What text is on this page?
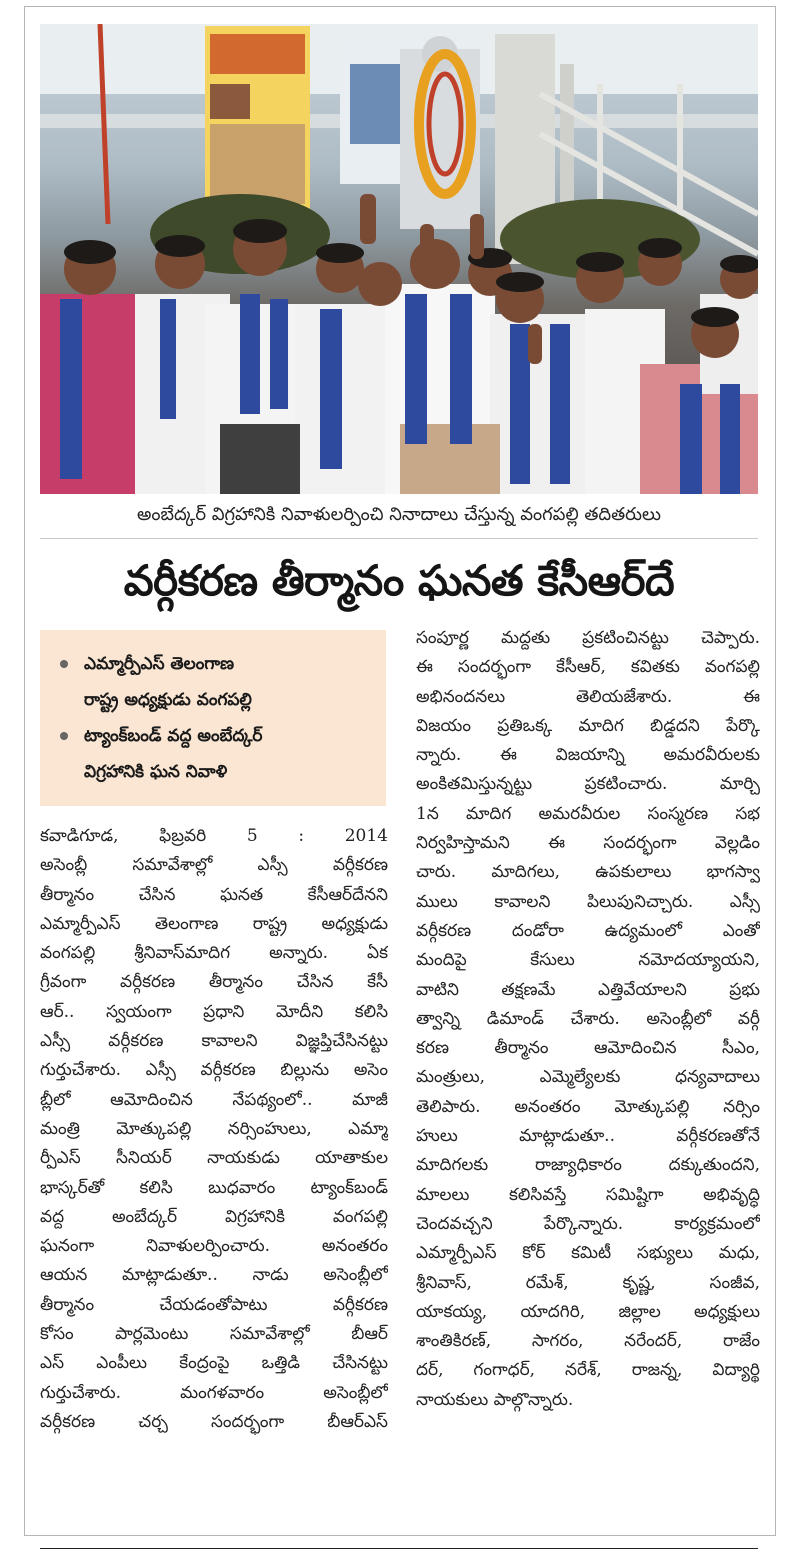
అంబేద్కర్ విగ్రహానికి నివాళులర్పించి నినాదాలు చేస్తున్న వంగపల్లి తదితరులు
వర్గీకరణ తీర్మానం ఘనత కేసీఆర్‌దే
ఎమ్మార్పీఎస్ తెలంగాణ
రాష్ట్ర అధ్యక్షుడు వంగపల్లి
ట్యాంక్‌బండ్ వద్ద అంబేద్కర్
విగ్రహానికి ఘన నివాళి
కవాడిగూడ, ఫిబ్రవరి 5 : 2014
అసెంబ్లీ సమావేశాల్లో ఎస్సీ వర్గీకరణ
తీర్మానం చేసిన ఘనత కేసీఆర్‌దేనని
ఎమ్మార్పీఎస్ తెలంగాణ రాష్ట్ర అధ్యక్షుడు
వంగపల్లి శ్రీనివాస్‌మాదిగ అన్నారు. ఏక
గ్రీవంగా వర్గీకరణ తీర్మానం చేసిన కేసీ
ఆర్.. స్వయంగా ప్రధాని మోదీని కలిసి
ఎస్సీ వర్గీకరణ కావాలని విజ్ఞప్తిచేసినట్టు
గుర్తుచేశారు. ఎస్సీ వర్గీకరణ బిల్లును అసెం
బ్లీలో ఆమోదించిన నేపథ్యంలో.. మాజీ
మంత్రి మోత్కుపల్లి నర్సింహులు, ఎమ్మా
ర్పీఎస్ సీనియర్ నాయకుడు యాతాకుల
భాస్కర్‌తో కలిసి బుధవారం ట్యాంక్‌బండ్
వద్ద అంబేద్కర్ విగ్రహానికి వంగపల్లి
ఘనంగా నివాళులర్పించారు. అనంతరం
ఆయన మాట్లాడుతూ.. నాడు అసెంబ్లీలో
తీర్మానం చేయడంతోపాటు వర్గీకరణ
కోసం పార్లమెంటు సమావేశాల్లో బీఆర్
ఎస్ ఎంపీలు కేంద్రంపై ఒత్తిడి చేసినట్టు
గుర్తుచేశారు. మంగళవారం అసెంబ్లీలో
వర్గీకరణ చర్చ సందర్భంగా బీఆర్ఎస్
సంపూర్ణ మద్దతు ప్రకటించినట్టు చెప్పారు.
ఈ సందర్భంగా కేసీఆర్, కవితకు వంగపల్లి
అభినందనలు తెలియజేశారు. ఈ
విజయం ప్రతిఒక్క మాదిగ బిడ్డదని పేర్కొ
న్నారు. ఈ విజయాన్ని అమరవీరులకు
అంకితమిస్తున్నట్టు ప్రకటించారు. మార్చి
1న మాదిగ అమరవీరుల సంస్మరణ సభ
నిర్వహిస్తామని ఈ సందర్భంగా వెల్లడిం
చారు. మాదిగలు, ఉపకులాలు భాగస్వా
ములు కావాలని పిలుపునిచ్చారు. ఎస్సీ
వర్గీకరణ దండోరా ఉద్యమంలో ఎంతో
మందిపై కేసులు నమోదయ్యాయని,
వాటిని తక్షణమే ఎత్తివేయాలని ప్రభు
త్వాన్ని డిమాండ్ చేశారు. అసెంబ్లీలో వర్గీ
కరణ తీర్మానం ఆమోదించిన సీఎం,
మంత్రులు, ఎమ్మెల్యేలకు ధన్యవాదాలు
తెలిపారు. అనంతరం మోత్కుపల్లి నర్సిం
హులు మాట్లాడుతూ.. వర్గీకరణతోనే
మాదిగలకు రాజ్యాధికారం దక్కుతుందని,
మాలలు కలిసివస్తే సమిష్టిగా అభివృద్ధి
చెందవచ్చని పేర్కొన్నారు. కార్యక్రమంలో
ఎమ్మార్పీఎస్ కోర్ కమిటీ సభ్యులు మధు,
శ్రీనివాస్, రమేశ్, కృష్ణ, సంజీవ,
యాకయ్య, యాదగిరి, జిల్లాల అధ్యక్షులు
శాంతికిరణ్, సాగరం, నరేందర్, రాజేం
దర్, గంగాధర్, నరేశ్, రాజన్న, విద్యార్థి
నాయకులు పాల్గొన్నారు.
